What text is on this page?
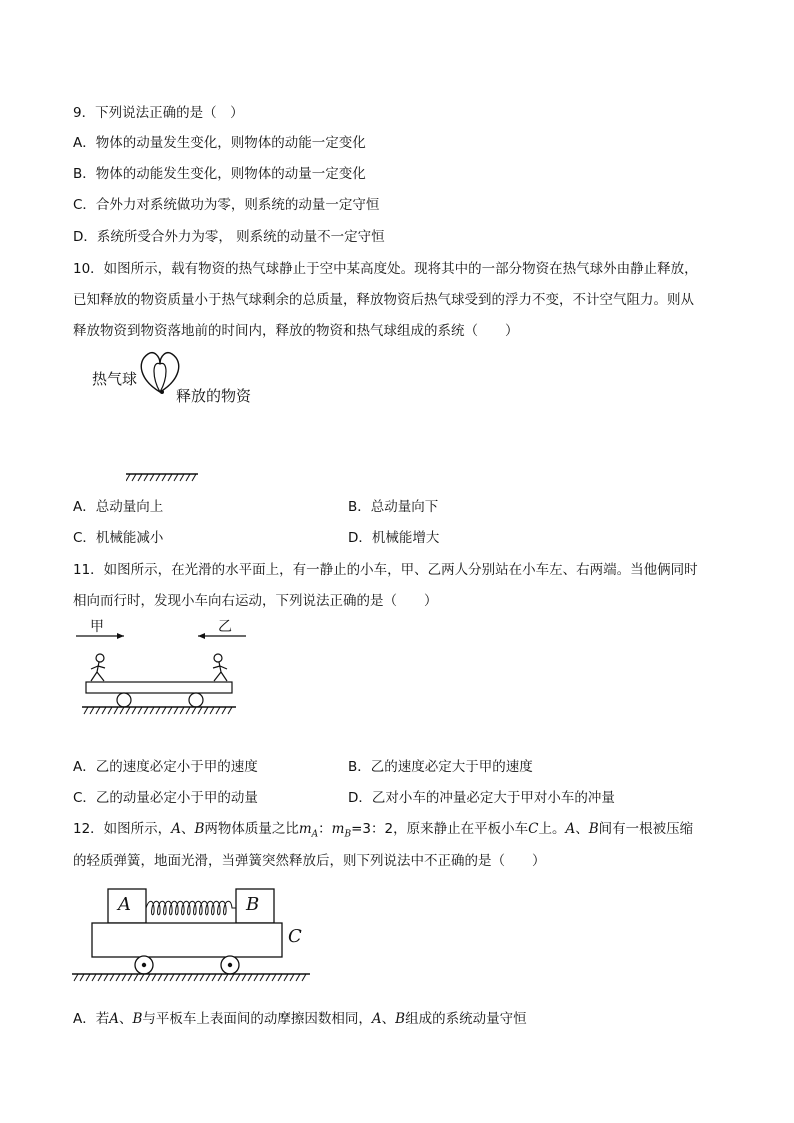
9．下列说法正确的是（　）
A．物体的动量发生变化，则物体的动能一定变化
B．物体的动能发生变化，则物体的动量一定变化
C．合外力对系统做功为零，则系统的动量一定守恒
D．系统所受合外力为零， 则系统的动量不一定守恒
10．如图所示，载有物资的热气球静止于空中某高度处。现将其中的一部分物资在热气球外由静止释放，
已知释放的物资质量小于热气球剩余的总质量，释放物资后热气球受到的浮力不变，不计空气阻力。则从
释放物资到物资落地前的时间内，释放的物资和热气球组成的系统（　　）
热气球
释放的物资
A．总动量向上	B．总动量向下
C．机械能减小	D．机械能增大
11．如图所示，在光滑的水平面上，有一静止的小车，甲、乙两人分别站在小车左、右两端。当他俩同时
相向而行时，发现小车向右运动，下列说法正确的是（　　）
甲	乙
A．乙的速度必定小于甲的速度	B．乙的速度必定大于甲的速度
C．乙的动量必定小于甲的动量	D．乙对小车的冲量必定大于甲对小车的冲量
12．如图所示，A、B两物体质量之比$m_A$：$m_B=3$：2，原来静止在平板小车C上。A、B间有一根被压缩
的轻质弹簧，地面光滑，当弹簧突然释放后，则下列说法中不正确的是（　　）
A	B
C
A．若A、B与平板车上表面间的动摩擦因数相同，A、B组成的系统动量守恒
